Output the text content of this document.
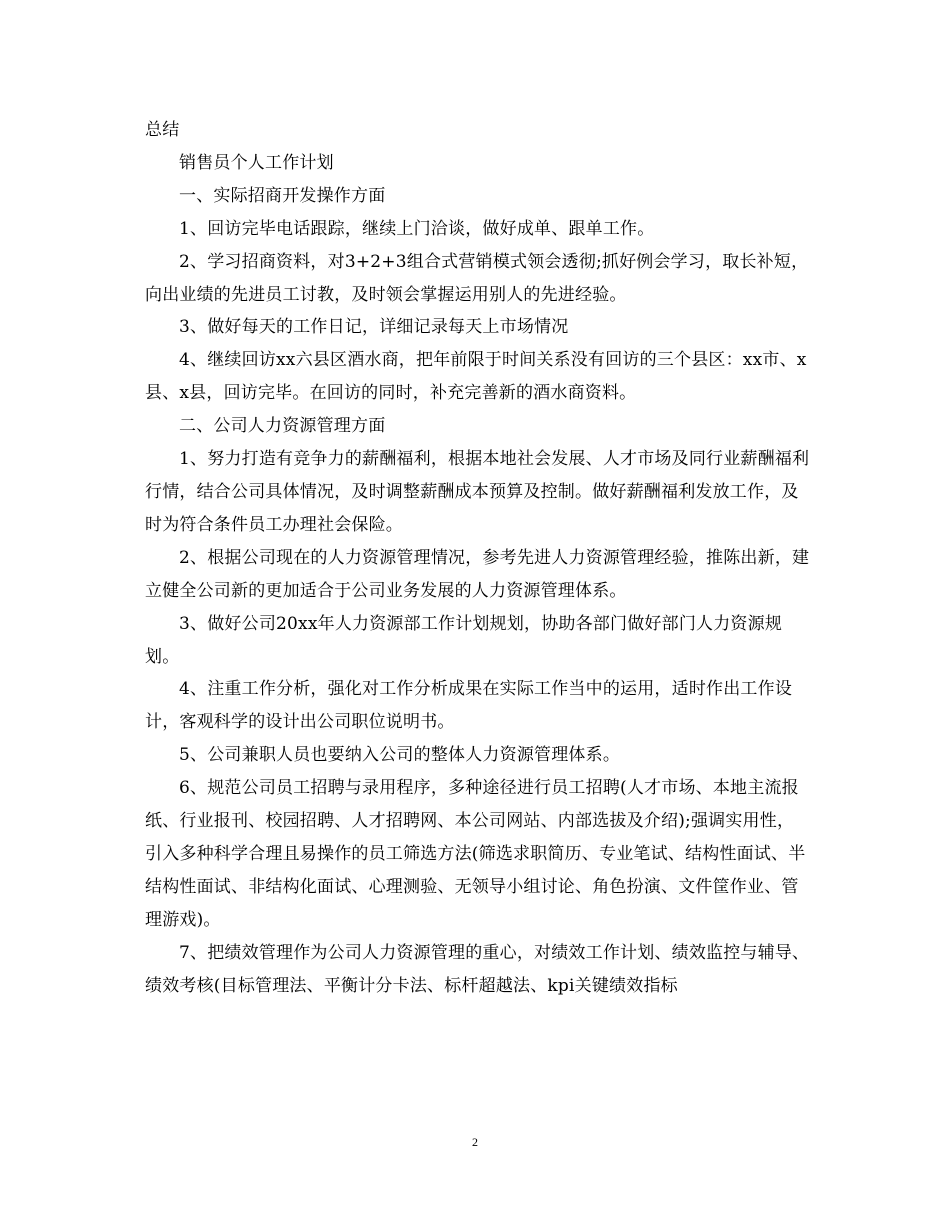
总结

销售员个人工作计划

一、实际招商开发操作方面

1、回访完毕电话跟踪，继续上门洽谈，做好成单、跟单工作。

2、学习招商资料，对3+2+3组合式营销模式领会透彻;抓好例会学习，取长补短，向出业绩的先进员工讨教，及时领会掌握运用别人的先进经验。

3、做好每天的工作日记，详细记录每天上市场情况

4、继续回访xx六县区酒水商，把年前限于时间关系没有回访的三个县区：xx市、x县、x县，回访完毕。在回访的同时，补充完善新的酒水商资料。

二、公司人力资源管理方面

1、努力打造有竞争力的薪酬福利，根据本地社会发展、人才市场及同行业薪酬福利行情，结合公司具体情况，及时调整薪酬成本预算及控制。做好薪酬福利发放工作，及时为符合条件员工办理社会保险。

2、根据公司现在的人力资源管理情况，参考先进人力资源管理经验，推陈出新，建立健全公司新的更加适合于公司业务发展的人力资源管理体系。

3、做好公司20xx年人力资源部工作计划规划，协助各部门做好部门人力资源规划。

4、注重工作分析，强化对工作分析成果在实际工作当中的运用，适时作出工作设计，客观科学的设计出公司职位说明书。

5、公司兼职人员也要纳入公司的整体人力资源管理体系。

6、规范公司员工招聘与录用程序，多种途径进行员工招聘(人才市场、本地主流报纸、行业报刊、校园招聘、人才招聘网、本公司网站、内部选拔及介绍);强调实用性，引入多种科学合理且易操作的员工筛选方法(筛选求职简历、专业笔试、结构性面试、半结构性面试、非结构化面试、心理测验、无领导小组讨论、角色扮演、文件筐作业、管理游戏)。

7、把绩效管理作为公司人力资源管理的重心，对绩效工作计划、绩效监控与辅导、绩效考核(目标管理法、平衡计分卡法、标杆超越法、kpi关键绩效指标

2
